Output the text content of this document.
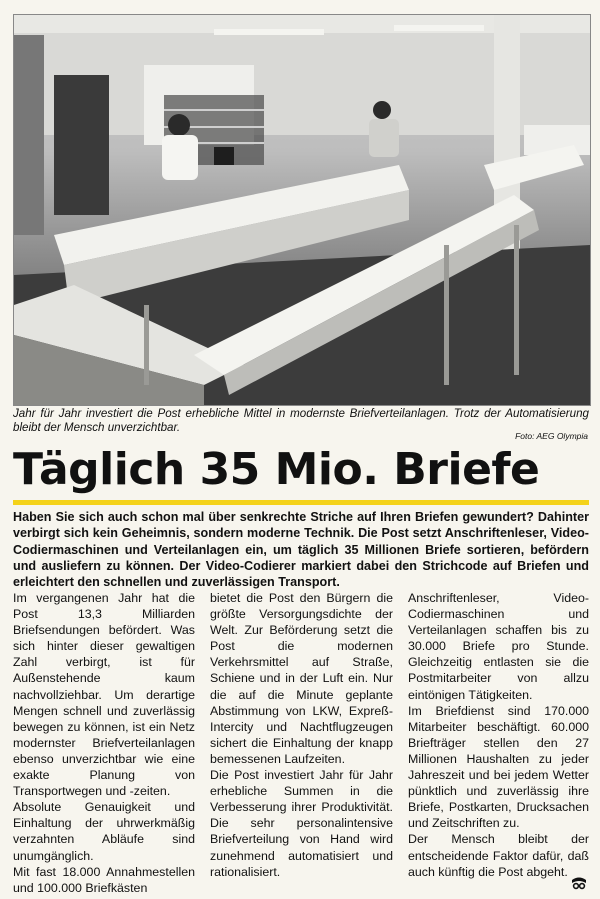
Jahr für Jahr investiert die Post erhebliche Mittel in modernste Briefverteilanlagen. Trotz der Automatisierung bleibt der Mensch unverzichtbar.
Foto: AEG Olympia
Täglich 35 Mio. Briefe
Haben Sie sich auch schon mal über senkrechte Striche auf Ihren Briefen gewundert? Dahinter verbirgt sich kein Geheimnis, sondern moderne Technik. Die Post setzt Anschriftenleser, Video-Codiermaschinen und Verteilanlagen ein, um täglich 35 Millionen Briefe sortieren, befördern und ausliefern zu können. Der Video-Codierer markiert dabei den Strichcode auf Briefen und erleichtert den schnellen und zuverlässigen Transport.

Im vergangenen Jahr hat die Post 13,3 Milliarden Briefsendungen befördert. Was sich hinter dieser gewaltigen Zahl verbirgt, ist für Außenstehende kaum nachvollziehbar. Um derartige Mengen schnell und zuverlässig bewegen zu können, ist ein Netz modernster Briefverteilanlagen ebenso unverzichtbar wie eine exakte Planung von Transportwegen und -zeiten.

Absolute Genauigkeit und Einhaltung der uhrwerkmäßig verzahnten Abläufe sind unumgänglich.

Mit fast 18.000 Annahmestellen und 100.000 Briefkästen

bietet die Post den Bürgern die größte Versorgungsdichte der Welt. Zur Beförderung setzt die Post die modernen Verkehrsmittel auf Straße, Schiene und in der Luft ein. Nur die auf die Minute geplante Abstimmung von LKW, Expreß-Intercity und Nachtflugzeugen sichert die Einhaltung der knapp bemessenen Laufzeiten.

Die Post investiert Jahr für Jahr erhebliche Summen in die Verbesserung ihrer Produktivität. Die sehr personalintensive Briefverteilung von Hand wird zunehmend automatisiert und rationalisiert.

Anschriftenleser, Video-Codiermaschinen und Verteilanlagen schaffen bis zu 30.000 Briefe pro Stunde. Gleichzeitig entlasten sie die Postmitarbeiter von allzu eintönigen Tätigkeiten.

Im Briefdienst sind 170.000 Mitarbeiter beschäftigt. 60.000 Briefträger stellen den 27 Millionen Haushalten zu jeder Jahreszeit und bei jedem Wetter pünktlich und zuverlässig ihre Briefe, Postkarten, Drucksachen und Zeitschriften zu.

Der Mensch bleibt der entscheidende Faktor dafür, daß auch künftig die Post abgeht.
